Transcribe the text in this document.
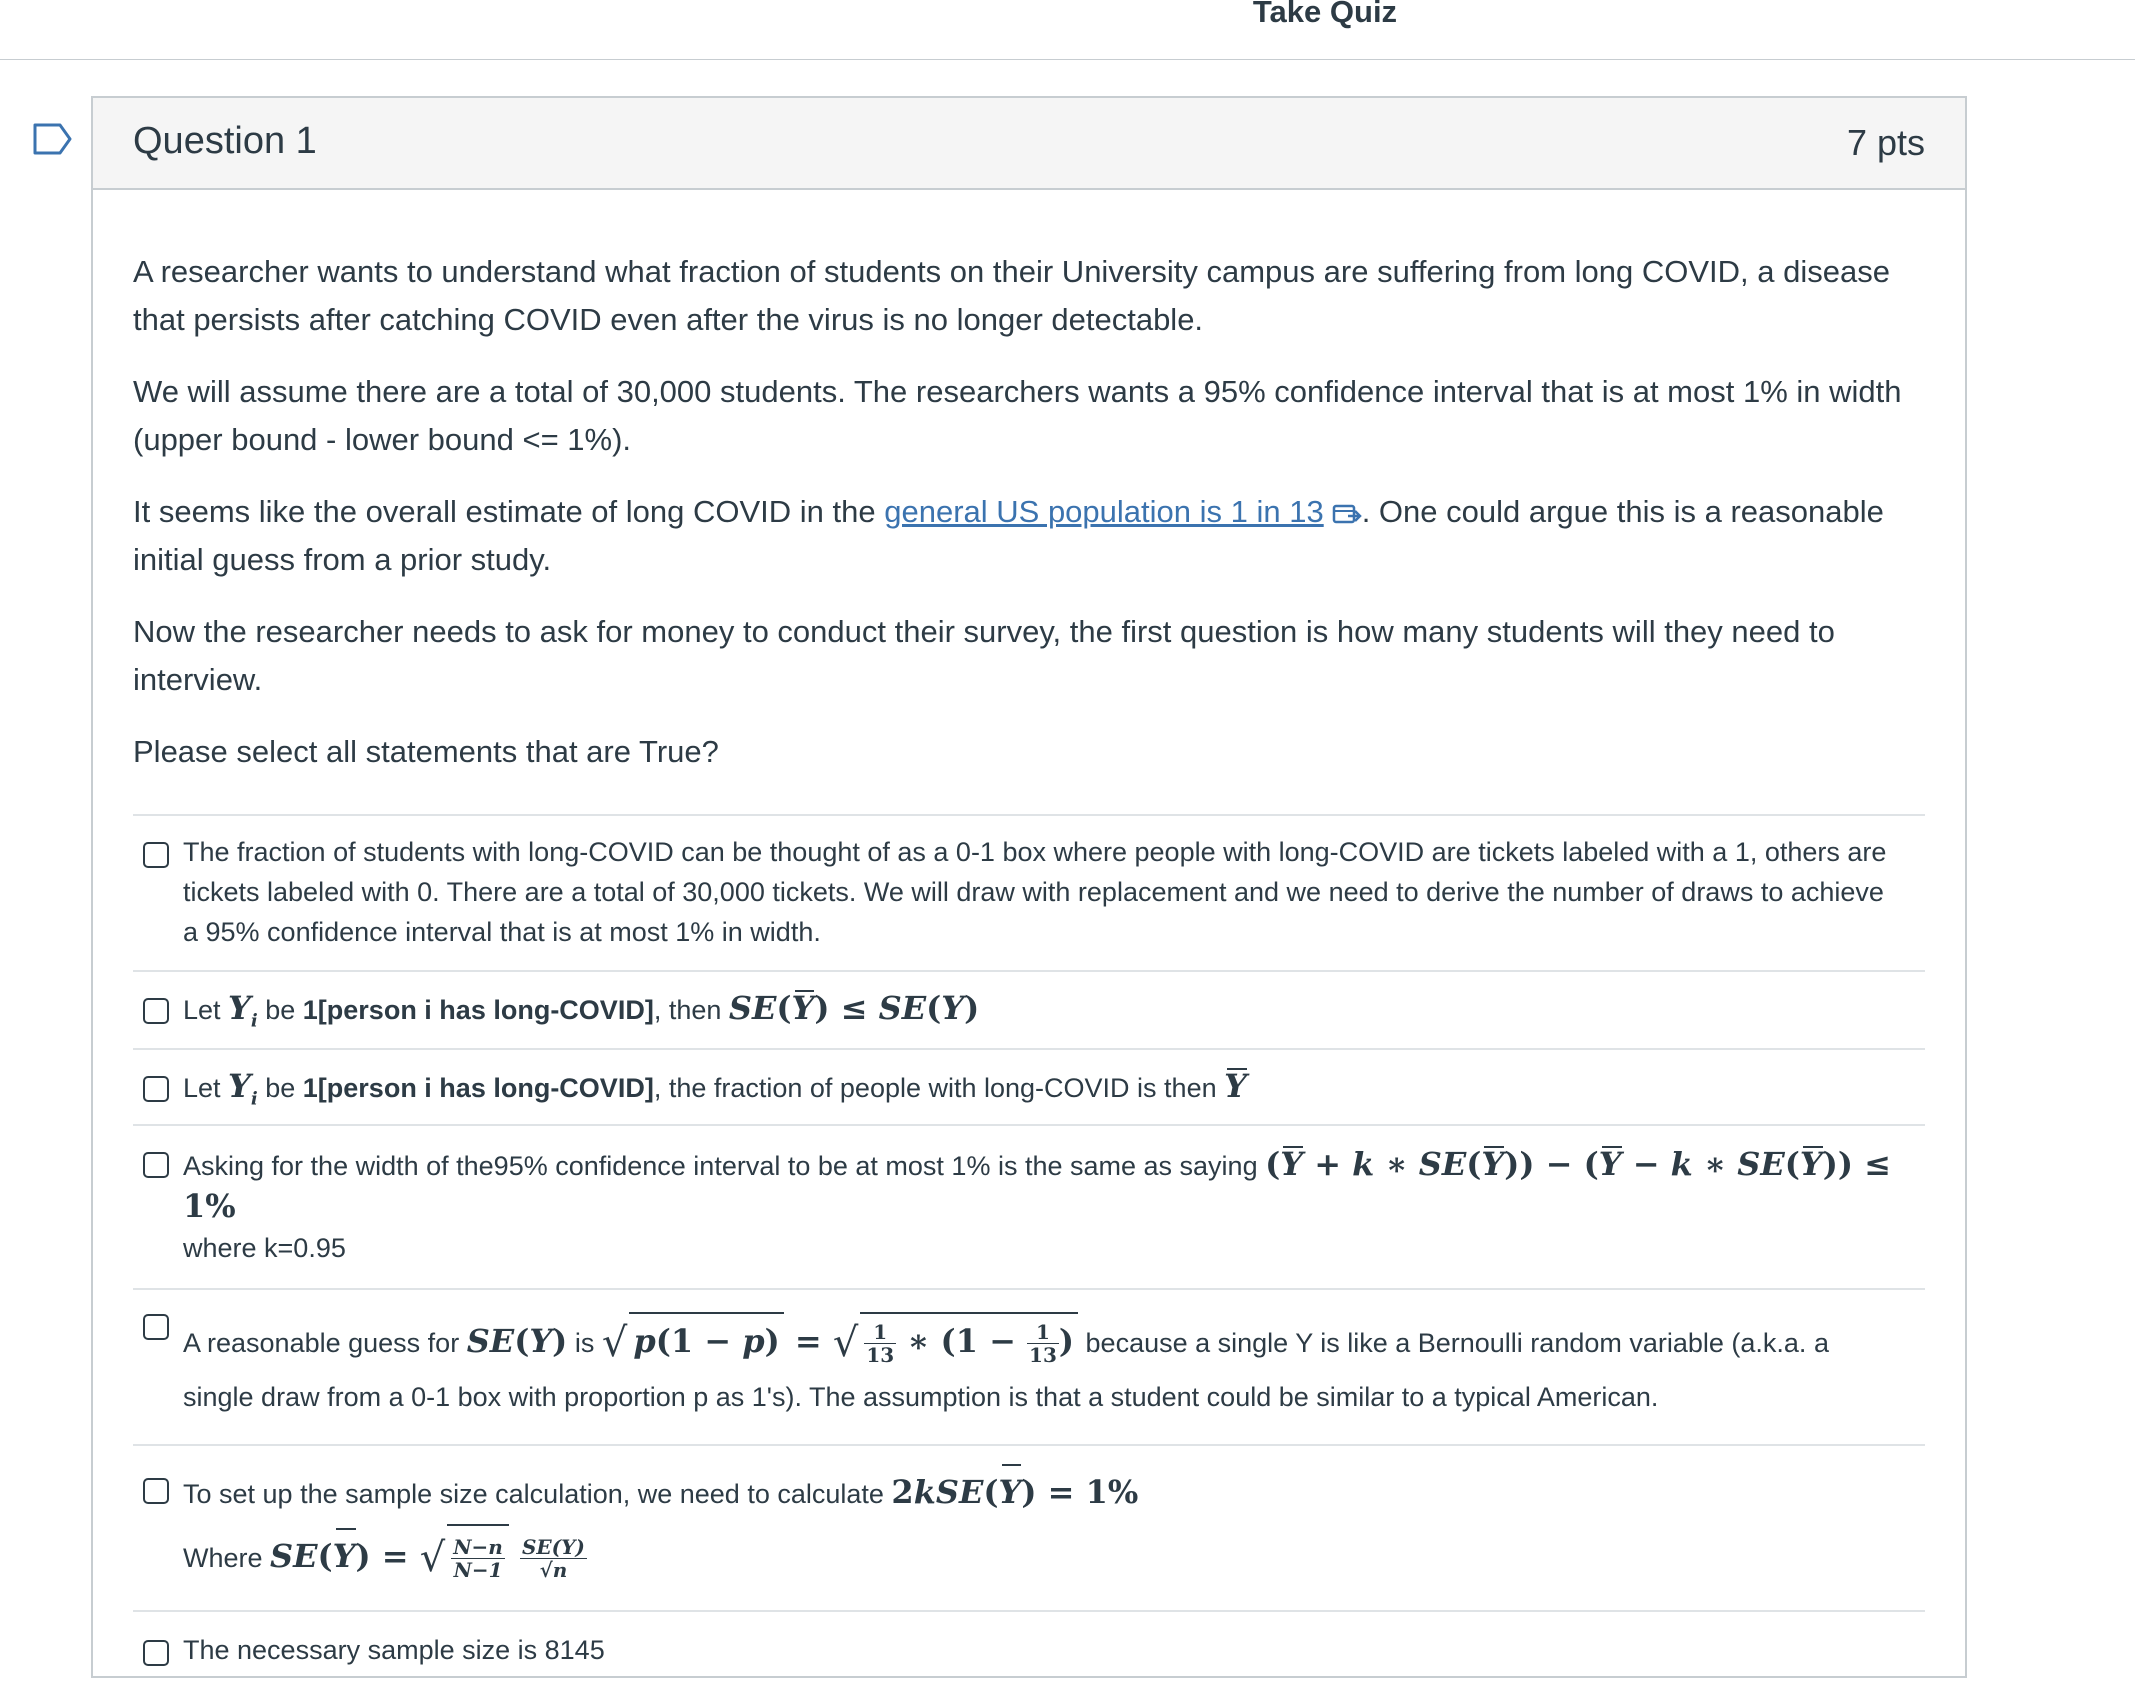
Take Quiz
Question 1	7 pts

A researcher wants to understand what fraction of students on their University campus are suffering from long COVID, a disease that persists after catching COVID even after the virus is no longer detectable.

We will assume there are a total of 30,000 students. The researchers wants a 95% confidence interval that is at most 1% in width (upper bound - lower bound <= 1%).

It seems like the overall estimate of long COVID in the general US population is 1 in 13 . One could argue this is a reasonable initial guess from a prior study.

Now the researcher needs to ask for money to conduct their survey, the first question is how many students will they need to interview.

Please select all statements that are True?

The fraction of students with long-COVID can be thought of as a 0-1 box where people with long-COVID are tickets labeled with a 1, others are tickets labeled with 0. There are a total of 30,000 tickets. We will draw with replacement and we need to derive the number of draws to achieve a 95% confidence interval that is at most 1% in width.
Let $Y_i$ be 1[person i has long-COVID], then SE(Y) ≤ SE(Y)
Let $Y_i$ be 1[person i has long-COVID], the fraction of people with long-COVID is then Y
Asking for the width of the95% confidence interval to be at most 1% is the same as saying (Y + k ∗ SE(Y)) − (Y − k ∗ SE(Y)) ≤ 1%
where k=0.95
A reasonable guess for SE(Y) is √ p(1 − p) = √ $\frac{1}{13}$ ∗ ($1 - \frac{1}{13}$ ) because a single Y is like a Bernoulli random variable (a.k.a. a single draw from a 0-1 box with proportion p as 1's). The assumption is that a student could be similar to a typical American.
To set up the sample size calculation, we need to calculate 2kSE(Y) = 1%
Where SE(Y) = √ $\frac{N-n}{N-1}$
$\frac{SE(Y)}{√n}$
The necessary sample size is 8145
